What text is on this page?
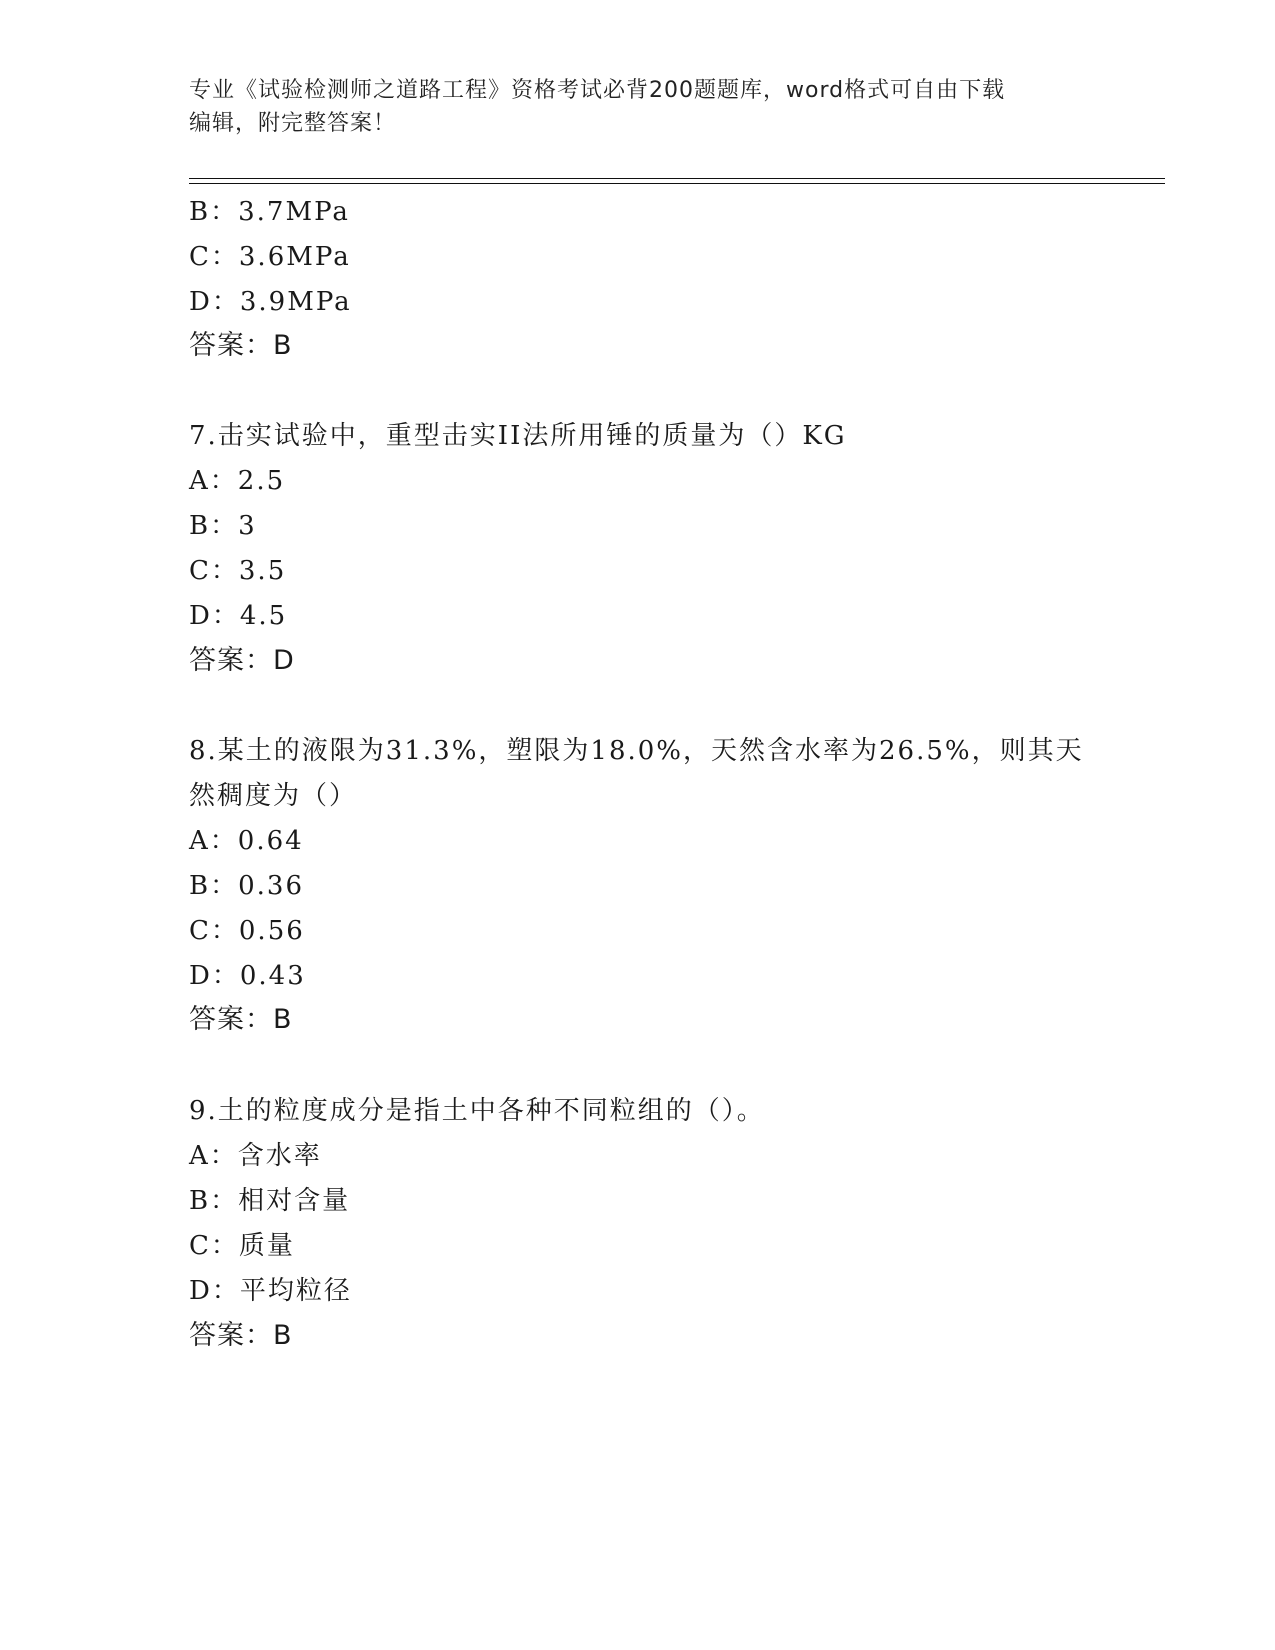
专业《试验检测师之道路工程》资格考试必背200题题库，word格式可自由下载
编辑，附完整答案！
B：3.7MPa
C：3.6MPa
D：3.9MPa
答案：B
7.击实试验中，重型击实II法所用锤的质量为（）KG
A：2.5
B：3
C：3.5
D：4.5
答案：D
8.某土的液限为31.3%，塑限为18.0%，天然含水率为26.5%，则其天
然稠度为（）
A：0.64
B：0.36
C：0.56
D：0.43
答案：B
9.土的粒度成分是指土中各种不同粒组的（）。
A：含水率
B：相对含量
C：质量
D：平均粒径
答案：B
